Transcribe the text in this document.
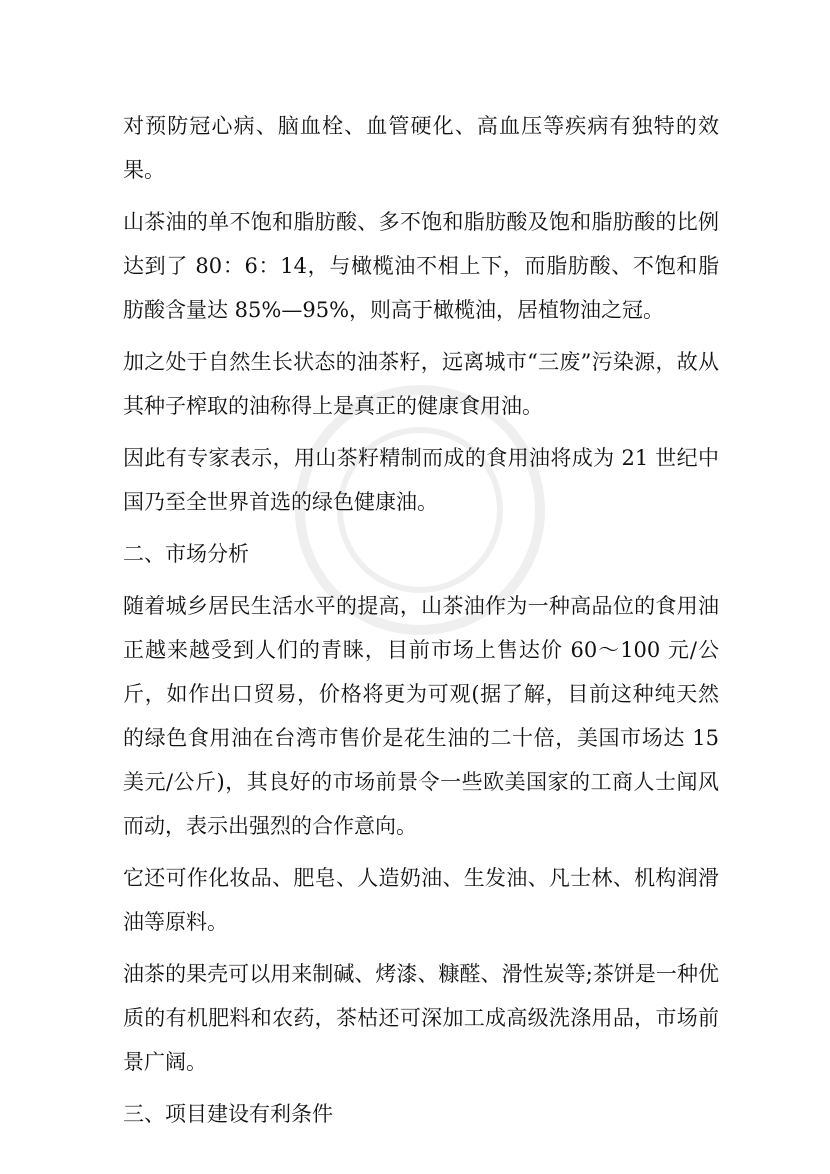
对预防冠心病、脑血栓、血管硬化、高血压等疾病有独特的效果。

山茶油的单不饱和脂肪酸、多不饱和脂肪酸及饱和脂肪酸的比例达到了 80：6：14，与橄榄油不相上下，而脂肪酸、不饱和脂肪酸含量达 85%—95%，则高于橄榄油，居植物油之冠。

加之处于自然生长状态的油茶籽，远离城市“三废”污染源，故从其种子榨取的油称得上是真正的健康食用油。

因此有专家表示，用山茶籽精制而成的食用油将成为 21 世纪中国乃至全世界首选的绿色健康油。

二、市场分析

随着城乡居民生活水平的提高，山茶油作为一种高品位的食用油正越来越受到人们的青睐，目前市场上售达价 60～100 元/公斤，如作出口贸易，价格将更为可观(据了解，目前这种纯天然的绿色食用油在台湾市售价是花生油的二十倍，美国市场达 15 美元/公斤)，其良好的市场前景令一些欧美国家的工商人士闻风而动，表示出强烈的合作意向。

它还可作化妆品、肥皂、人造奶油、生发油、凡士林、机构润滑油等原料。

油茶的果壳可以用来制碱、烤漆、糠醛、滑性炭等;茶饼是一种优质的有机肥料和农药，茶枯还可深加工成高级洗涤用品，市场前景广阔。

三、项目建设有利条件
